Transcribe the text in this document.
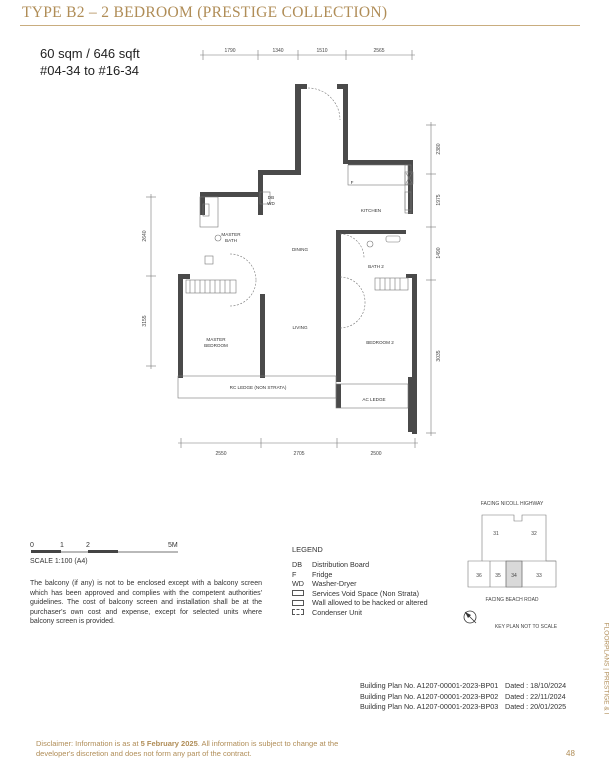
TYPE B2 – 2 BEDROOM (PRESTIGE COLLECTION)
60 sqm / 646 sqft
#04-34 to #16-34
1790	1340	1510	2565
2550	2705	2500
2640
3155
2380
1975
1490
3035
MASTER
BATH
DINING
KITCHEN
BATH 2
LIVING
MASTER
BEDROOM
BEDROOM 2
RC LEDGE (NON STRATA)
AC LEDGE
DB
WD
F
0	1	2	5M
SCALE 1:100 (A4)
The balcony (if any) is not to be enclosed except with a balcony screen which has been approved and complies with the competent authorities' guidelines. The cost of balcony screen and installation shall be at the purchaser's own cost and expense, except for selected units where balcony screen is provided.
LEGEND
DB	Distribution Board
F	Fridge
WD	Washer-Dryer
Services Void Space (Non Strata)
Wall allowed to be hacked or altered
Condenser Unit
FACING NICOLL HIGHWAY
FACING BEACH ROAD
KEY PLAN NOT TO SCALE
31	32
36	35 34	33
Building Plan No. A1207-00001-2023-BP01 Dated : 18/10/2024
Building Plan No. A1207-00001-2023-BP02 Dated : 22/11/2024
Building Plan No. A1207-00001-2023-BP03 Dated : 20/01/2025	FLOORPLANS | PRESTIGE & I
Disclaimer: Information is as at 5 February 2025. All information is subject to change at the developer's discretion and does not form any part of the contract.	48
